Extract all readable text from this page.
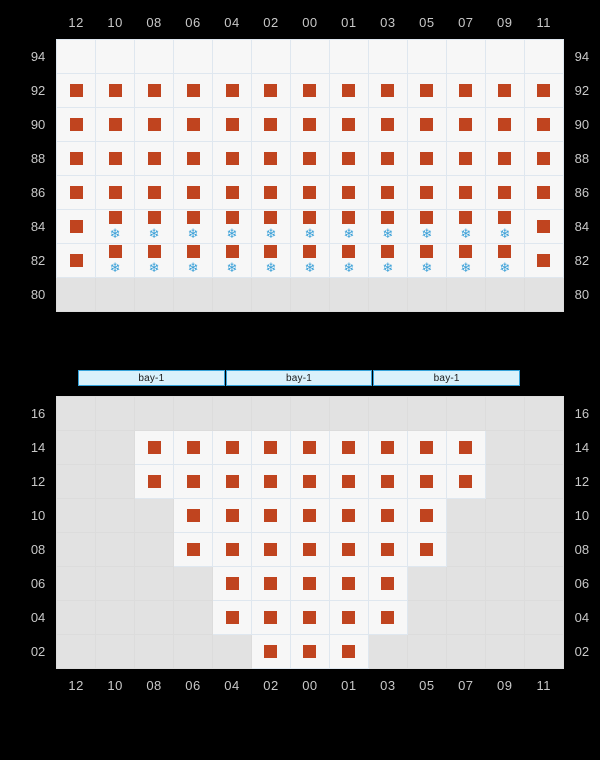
	12	10	08	06	04	02	00	01	03	05	07	09	11	
94														94
92														92
90														90
88														88
86														86
84		❄	❄	❄	❄	❄	❄	❄	❄	❄	❄	❄		84
82		❄	❄	❄	❄	❄	❄	❄	❄	❄	❄	❄		82
80														80
bay-1	bay-1	bay-1
16														16
14														14
12														12
10														10
08														08
06														06
04														04
02														02
	12	10	08	06	04	02	00	01	03	05	07	09	11	
